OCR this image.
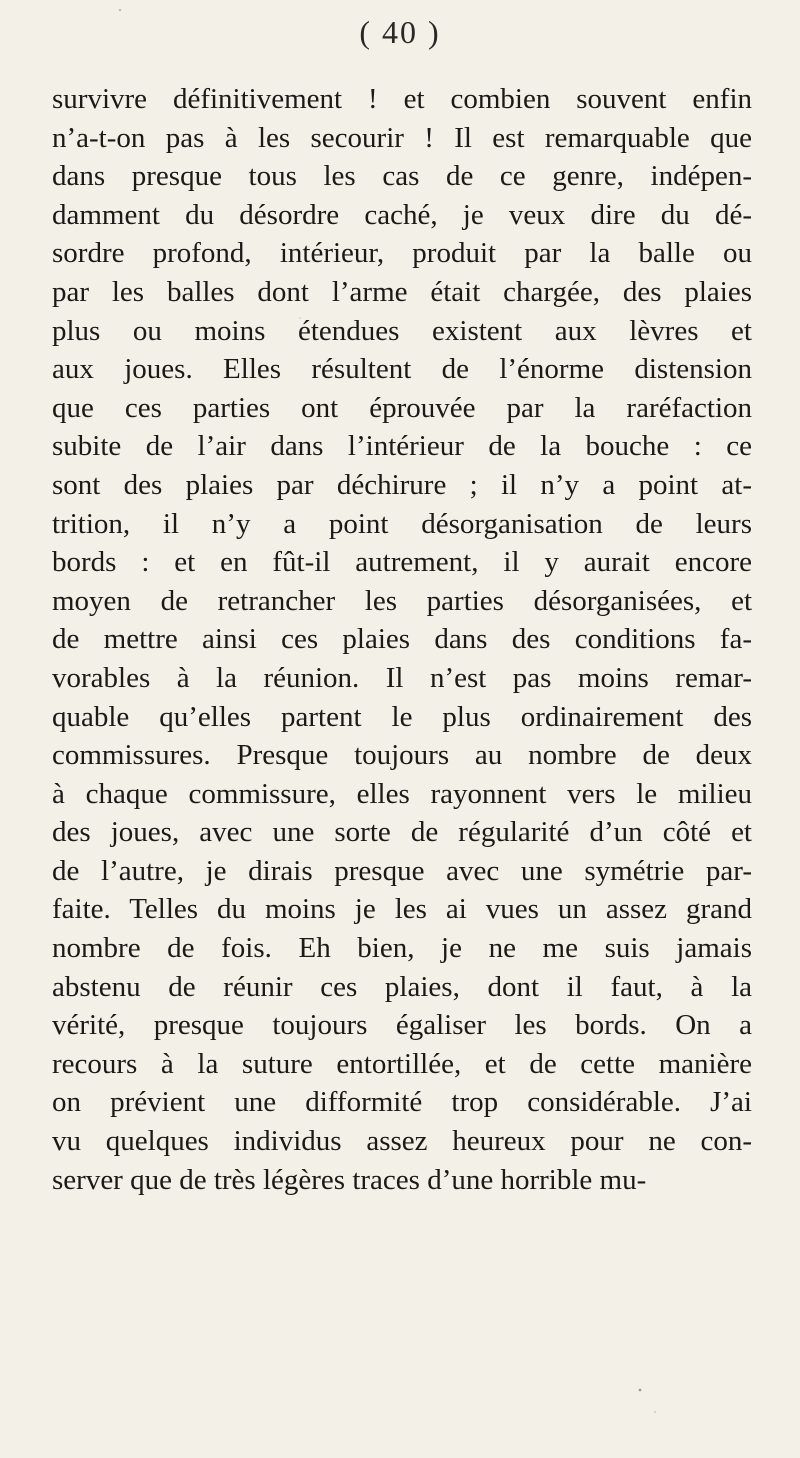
( 40 )
survivre définitivement ! et combien souvent enfin
n’a-t-on pas à les secourir ! Il est remarquable que
dans presque tous les cas de ce genre, indépen-
damment du désordre caché, je veux dire du dé-
sordre profond, intérieur, produit par la balle ou
par les balles dont l’arme était chargée, des plaies
plus ou moins étendues existent aux lèvres et
aux joues. Elles résultent de l’énorme distension
que ces parties ont éprouvée par la raréfaction
subite de l’air dans l’intérieur de la bouche : ce
sont des plaies par déchirure ; il n’y a point at-
trition, il n’y a point désorganisation de leurs
bords : et en fût-il autrement, il y aurait encore
moyen de retrancher les parties désorganisées, et
de mettre ainsi ces plaies dans des conditions fa-
vorables à la réunion. Il n’est pas moins remar-
quable qu’elles partent le plus ordinairement des
commissures. Presque toujours au nombre de deux
à chaque commissure, elles rayonnent vers le milieu
des joues, avec une sorte de régularité d’un côté et
de l’autre, je dirais presque avec une symétrie par-
faite. Telles du moins je les ai vues un assez grand
nombre de fois. Eh bien, je ne me suis jamais
abstenu de réunir ces plaies, dont il faut, à la
vérité, presque toujours égaliser les bords. On a
recours à la suture entortillée, et de cette manière
on prévient une difformité trop considérable. J’ai
vu quelques individus assez heureux pour ne con-
server que de très légères traces d’une horrible mu-
